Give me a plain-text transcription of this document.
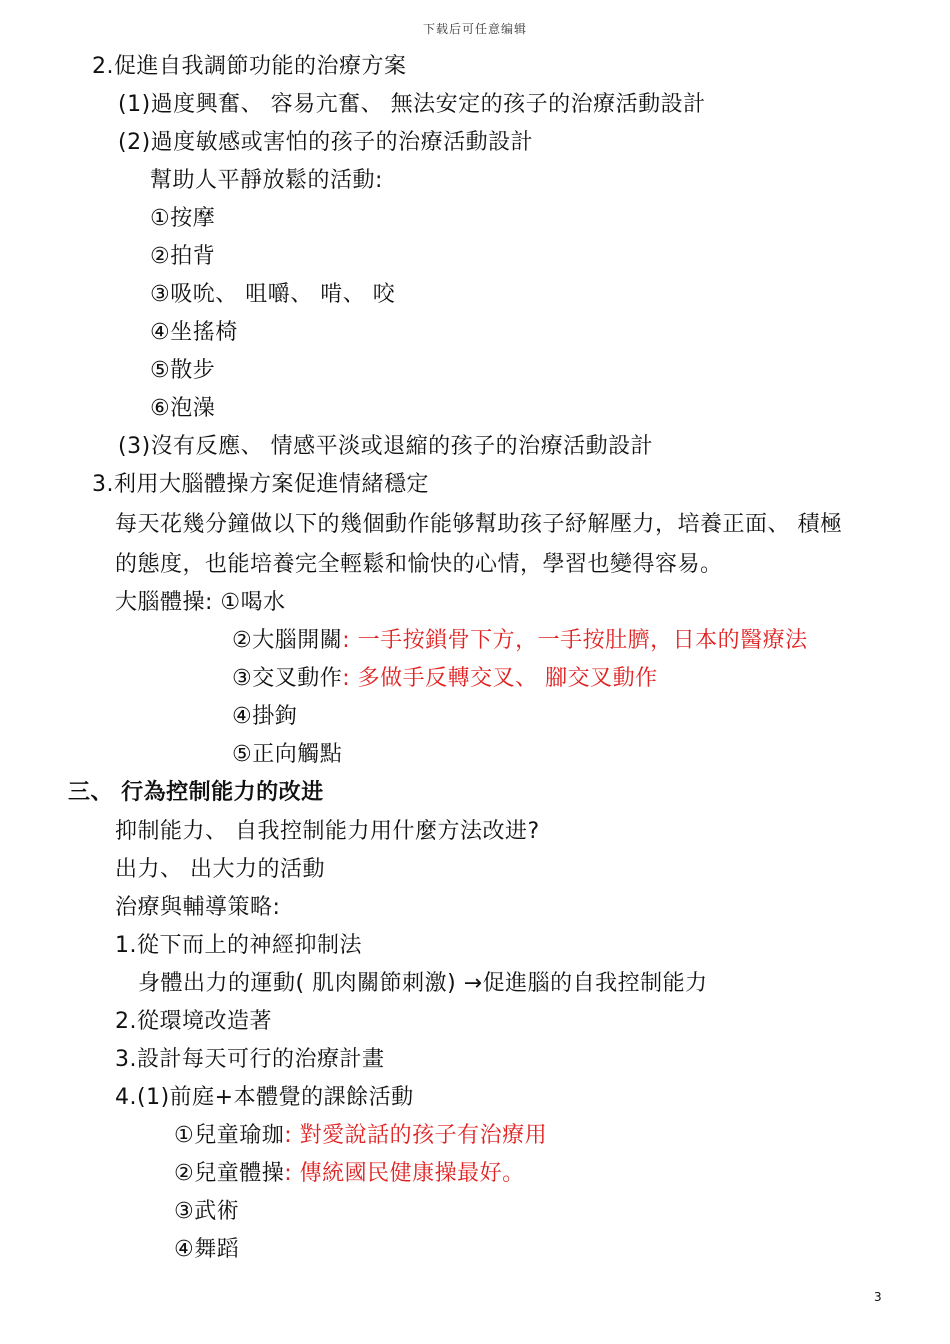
下载后可任意编辑
2.促進自我調節功能的治療方案
(1)過度興奮、 容易亢奮、 無法安定的孩子的治療活動設計
(2)過度敏感或害怕的孩子的治療活動設計
幫助人平靜放鬆的活動:
①按摩
②拍背
③吸吮、 咀嚼、 啃、 咬
④坐搖椅
⑤散步
⑥泡澡
(3)沒有反應、 情感平淡或退縮的孩子的治療活動設計
3.利用大腦體操方案促進情緒穩定
每天花幾分鐘做以下的幾個動作能够幫助孩子紓解壓力，培養正面、 積極
的態度，也能培養完全輕鬆和愉快的心情，學習也變得容易。
大腦體操: ①喝水
②大腦開關: 一手按鎖骨下方，一手按肚臍，日本的醫療法
③交叉動作: 多做手反轉交叉、 腳交叉動作
④掛鉤
⑤正向觸點
三、 行為控制能力的改进
抑制能力、 自我控制能力用什麼方法改进?
出力、 出大力的活動
治療與輔導策略:
1.從下而上的神經抑制法
身體出力的運動( 肌肉關節刺激) →促進腦的自我控制能力
2.從環境改造著
3.設計每天可行的治療計畫
4.(1)前庭+本體覺的課餘活動
①兒童瑜珈: 對愛說話的孩子有治療用
②兒童體操: 傳統國民健康操最好。
③武術
④舞蹈
3
